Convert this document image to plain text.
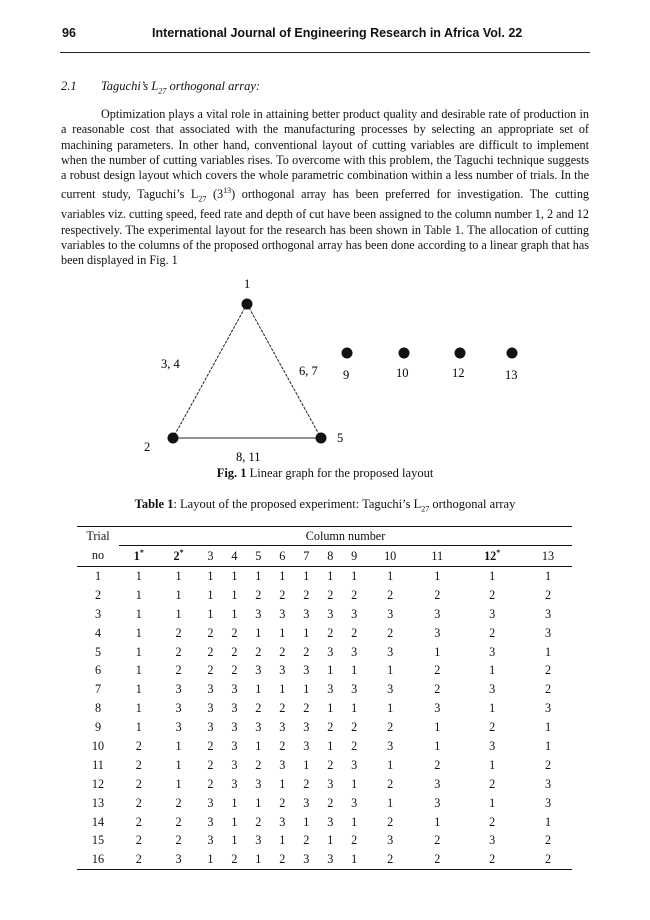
96	International Journal of Engineering Research in Africa Vol. 22
2.1 Taguchi’s $L_{27}$ orthogonal array:

Optimization plays a vital role in attaining better product quality and desirable rate of production in a reasonable cost that associated with the manufacturing processes by selecting an appropriate set of machining parameters. In other hand, conventional layout of cutting variables are difficult to implement when the number of cutting variables rises. To overcome with this problem, the Taguchi technique suggests a robust design layout which covers the whole parametric combination within a less number of trials. In the current study, Taguchi’s $L_{27}$ $(3^{13})$ orthogonal array has been preferred for investigation. The cutting variables viz. cutting speed, feed rate and depth of cut have been assigned to the column number 1, 2 and 12 respectively. The experimental layout for the research has been shown in Table 1. The allocation of cutting variables to the columns of the proposed orthogonal array has been done according to a linear graph that has been displayed in Fig. 1

1
2
5
3, 4	6, 7
8, 11
9	10	12	13
Fig. 1 Linear graph for the proposed layout
Table 1: Layout of the proposed experiment: Taguchi’s $L_{27}$ orthogonal array
Trial	Column number												
no	1*	2*	3	4	5	6	7	8	9	10	11	12*	13
1	1	1	1	1	1	1	1	1	1	1	1	1	1
2	1	1	1	1	2	2	2	2	2	2	2	2	2
3	1	1	1	1	3	3	3	3	3	3	3	3	3
4	1	2	2	2	1	1	1	2	2	2	3	2	3
5	1	2	2	2	2	2	2	3	3	3	1	3	1
6	1	2	2	2	3	3	3	1	1	1	2	1	2
7	1	3	3	3	1	1	1	3	3	3	2	3	2
8	1	3	3	3	2	2	2	1	1	1	3	1	3
9	1	3	3	3	3	3	3	2	2	2	1	2	1
10	2	1	2	3	1	2	3	1	2	3	1	3	1
11	2	1	2	3	2	3	1	2	3	1	2	1	2
12	2	1	2	3	3	1	2	3	1	2	3	2	3
13	2	2	3	1	1	2	3	2	3	1	3	1	3
14	2	2	3	1	2	3	1	3	1	2	1	2	1
15	2	2	3	1	3	1	2	1	2	3	2	3	2
16	2	3	1	2	1	2	3	3	1	2	2	2	2
